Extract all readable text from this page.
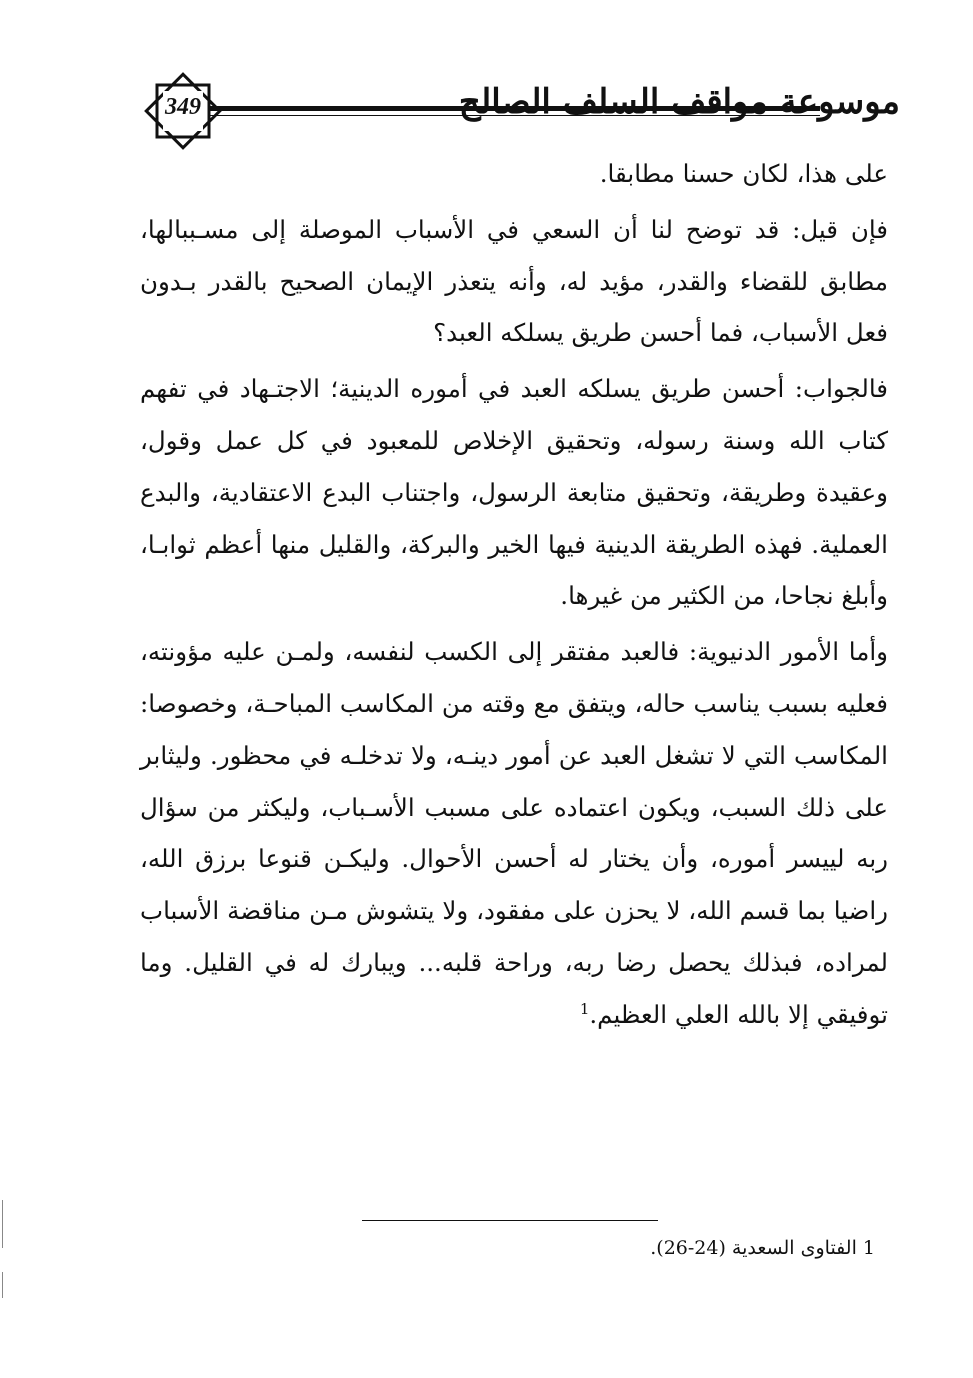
موسوعة مواقف السلف الصالح
349

على هذا، لكان حسنا مطابقا.

فإن قيل: قد توضح لنا أن السعي في الأسباب الموصلة إلى مسـببالها، مطابق للقضاء والقدر، مؤيد له، وأنه يتعذر الإيمان الصحيح بالقدر بـدون فعل الأسباب، فما أحسن طريق يسلكه العبد؟

فالجواب: أحسن طريق يسلكه العبد في أموره الدينية؛ الاجتـهاد في تفهم كتاب الله وسنة رسوله، وتحقيق الإخلاص للمعبود في كل عمل وقول، وعقيدة وطريقة، وتحقيق متابعة الرسول، واجتناب البدع الاعتقادية، والبدع العملية. فهذه الطريقة الدينية فيها الخير والبركة، والقليل منها أعظم ثوابـا، وأبلغ نجاحا، من الكثير من غيرها.

وأما الأمور الدنيوية: فالعبد مفتقر إلى الكسب لنفسه، ولمـن عليه مؤونته، فعليه بسبب يناسب حاله، ويتفق مع وقته من المكاسب المباحـة، وخصوصا: المكاسب التي لا تشغل العبد عن أمور دينـه، ولا تدخلـه في محظور. وليثابر على ذلك السبب، ويكون اعتماده على مسبب الأسـباب، وليكثر من سؤال ربه لييسر أموره، وأن يختار له أحسن الأحوال. وليكـن قنوعا برزق الله، راضيا بما قسم الله، لا يحزن على مفقود، ولا يتشوش مـن مناقضة الأسباب لمراده، فبذلك يحصل رضا ربه، وراحة قلبه... ويبارك له في القليل. وما توفيقي إلا بالله العلي العظيم.$^1$

1 الفتاوى السعدية (24-26).
